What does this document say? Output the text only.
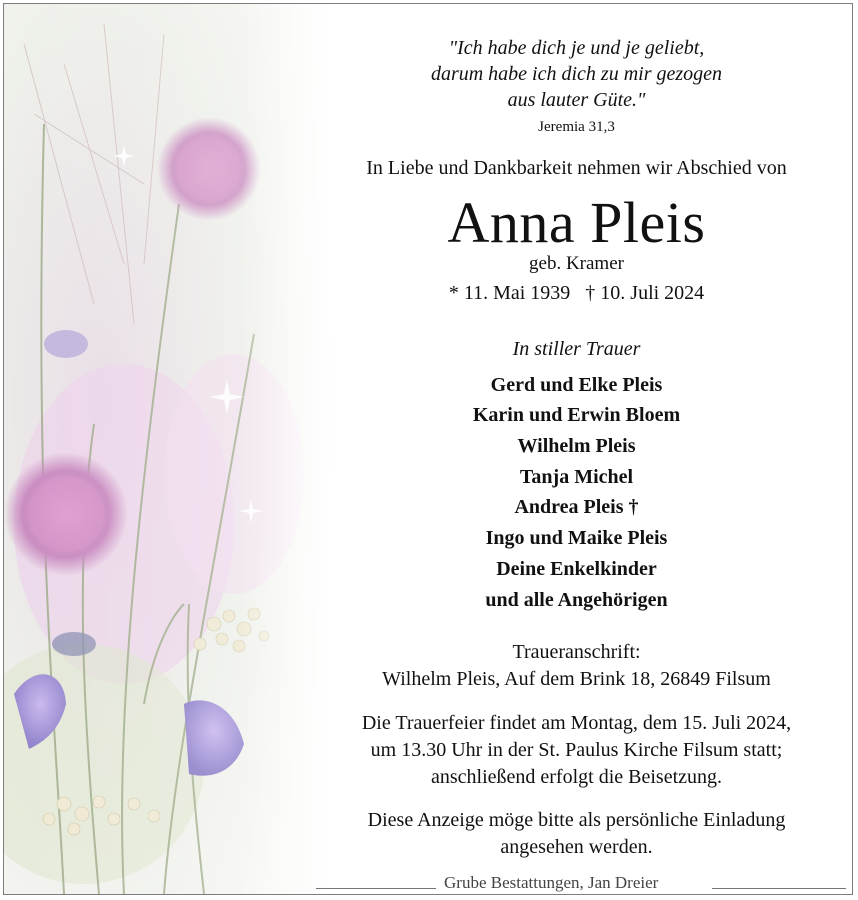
"Ich habe dich je und je geliebt,
darum habe ich dich zu mir gezogen
aus lauter Güte."
Jeremia 31,3
In Liebe und Dankbarkeit nehmen wir Abschied von
Anna Pleis
geb. Kramer
* 11. Mai 1939   † 10. Juli 2024
In stiller Trauer
Gerd und Elke Pleis
Karin und Erwin Bloem
Wilhelm Pleis
Tanja Michel
Andrea Pleis †
Ingo und Maike Pleis
Deine Enkelkinder
und alle Angehörigen
Traueranschrift:
Wilhelm Pleis, Auf dem Brink 18, 26849 Filsum
Die Trauerfeier findet am Montag, dem 15. Juli 2024,
um 13.30 Uhr in der St. Paulus Kirche Filsum statt;
anschließend erfolgt die Beisetzung.
Diese Anzeige möge bitte als persönliche Einladung
angesehen werden.
Grube Bestattungen, Jan Dreier
